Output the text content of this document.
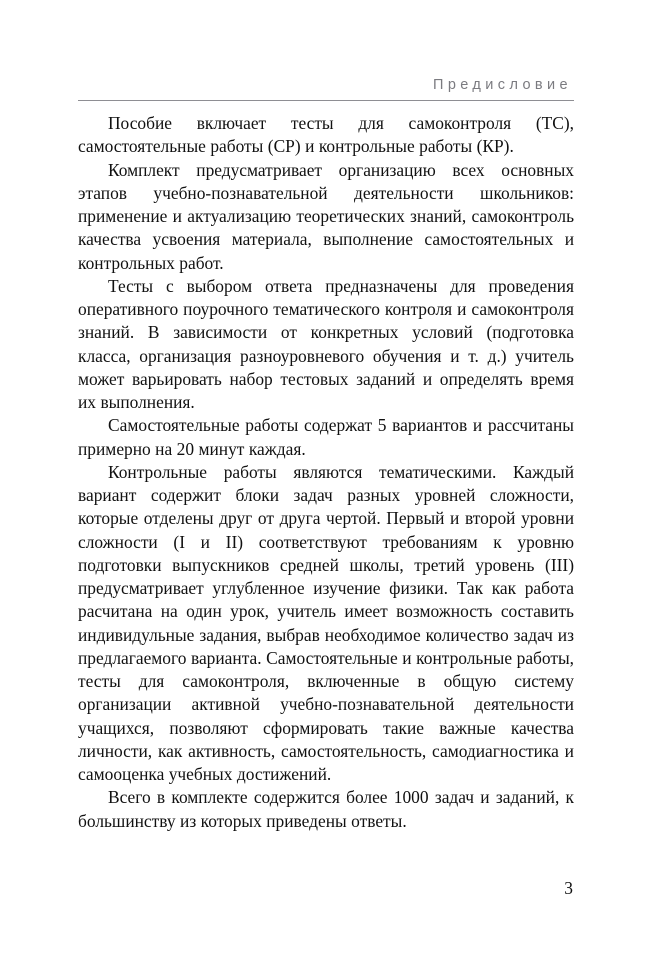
Предисловие

Пособие включает тесты для самоконтроля (ТС), самостоятельные работы (СР) и контрольные работы (КР).

Комплект предусматривает организацию всех основных этапов учебно-познавательной деятельности школьников: применение и актуализацию теоретических знаний, самоконтроль качества усвоения материала, выполнение самостоятельных и контрольных работ.

Тесты с выбором ответа предназначены для проведения оперативного поурочного тематического контроля и самоконтроля знаний. В зависимости от конкретных условий (подготовка класса, организация разноуровневого обучения и т. д.) учитель может варьировать набор тестовых заданий и определять время их выполнения.

Самостоятельные работы содержат 5 вариантов и рассчитаны примерно на 20 минут каждая.

Контрольные работы являются тематическими. Каждый вариант содержит блоки задач разных уровней сложности, которые отделены друг от друга чертой. Первый и второй уровни сложности (I и II) соответствуют требованиям к уровню подготовки выпускников средней школы, третий уровень (III) предусматривает углубленное изучение физики. Так как работа расчитана на один урок, учитель имеет возможность составить индивидульные задания, выбрав необходимое количество задач из предлагаемого варианта. Самостоятельные и контрольные работы, тесты для самоконтроля, включенные в общую систему организации активной учебно-познавательной деятельности учащихся, позволяют сформировать такие важные качества личности, как активность, самостоятельность, самодиагностика и самооценка учебных достижений.

Всего в комплекте содержится более 1000 задач и заданий, к большинству из которых приведены ответы.

3
